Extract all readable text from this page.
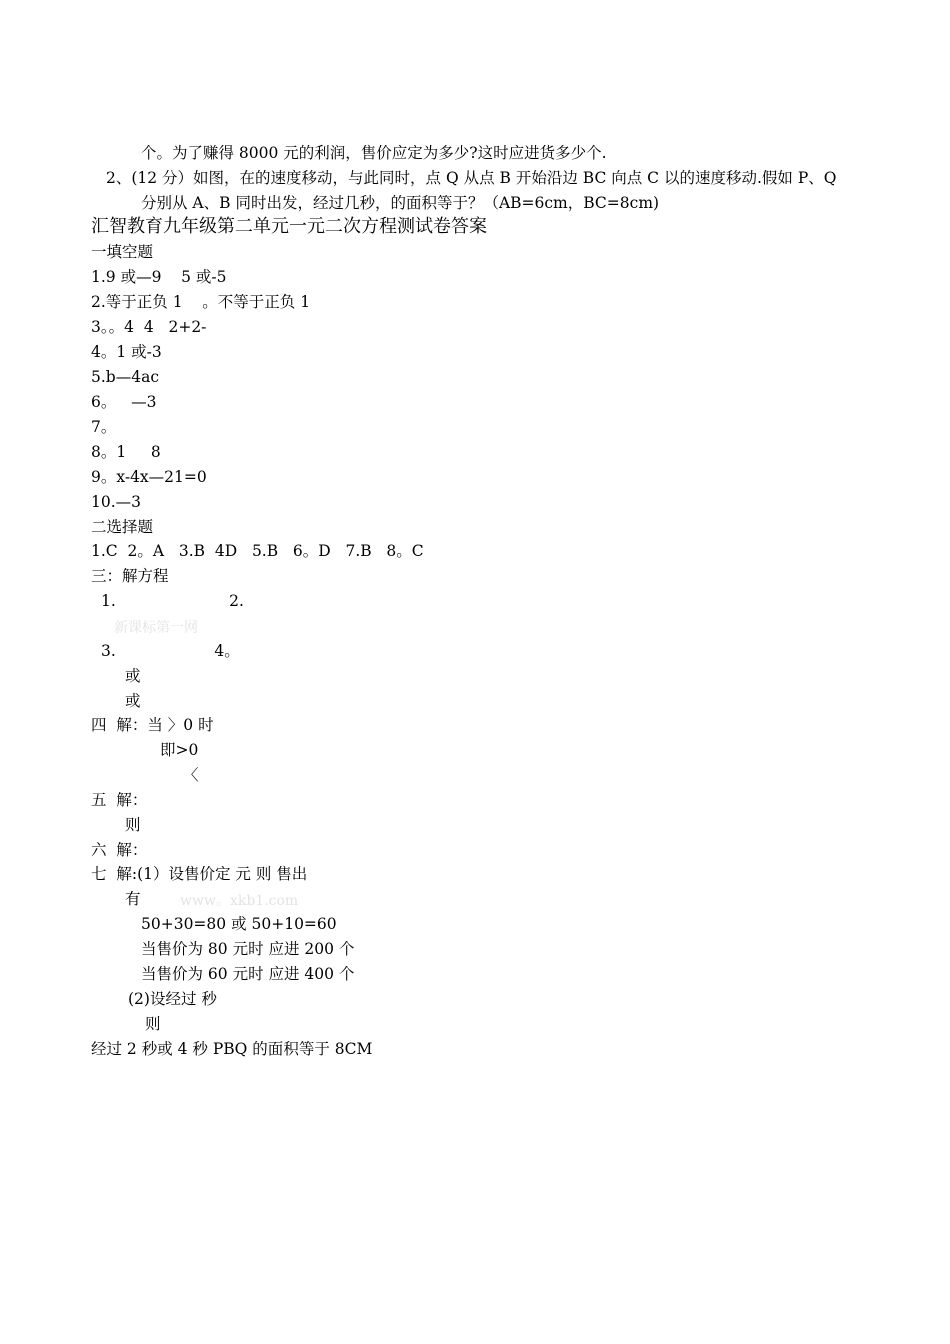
个。为了赚得 8000 元的利润，售价应定为多少?这时应进货多少个.
2、(12 分）如图，在的速度移动，与此同时，点 Q 从点 B 开始沿边 BC 向点 C 以的速度移动.假如 P、Q
分别从 A、B 同时出发，经过几秒，的面积等于？（AB=6cm，BC=8cm)
汇智教育九年级第二单元一元二次方程测试卷答案
一填空题
1.9 或—9    5 或-5
2.等于正负 1    。不等于正负 1
3。。4  4   2+2-
4。1 或-3
5.b—4ac
6。   —3
7。
8。1     8
9。x-4x—21=0
10.—3
二选择题
1.C  2。A   3.B  4D   5.B   6。D   7.B   8。C
三：解方程
1.                       2.
新课标第一网
3.                    4。
或
或
四  解：当 〉0 时
即>0
〈
五  解：
则
六  解：
七  解:(1）设售价定 元 则 售出
有	www。xkb1.com
50+30=80 或 50+10=60
当售价为 80 元时 应进 200 个
当售价为 60 元时 应进 400 个
(2)设经过 秒
则
经过 2 秒或 4 秒 PBQ 的面积等于 8CM
